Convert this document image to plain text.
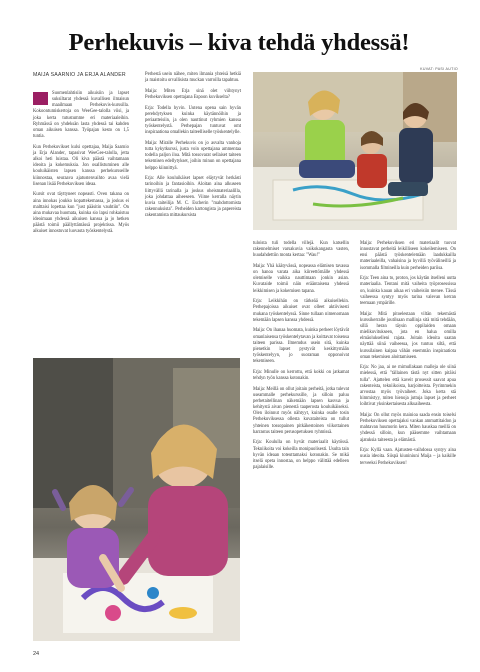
Perhekuvis – kiva tehdä yhdessä!
KUVAT: PASI AUTIO
MAIJA SAARNIO JA ERJA ALANDER

Suomenlahtisiin aikuisiin ja lapset suksiltarat yhdessä kuvallisen ilmaisun maailmaan Perhekuvis-kurssilla. Kokoontumiskertoja on WeeGee-talolla viisi, ja joka kerta tutustumme eri materiaaleihin. Ryhmässä on yhdeksän lasta yhdessä tai kahden oman aikuisen kanssa. Työpajan kesto on 1,5 tuntia.

Kun Perhekuvikset kulsi opettajaa, Maija Saarnio ja Erja Alander, tapasivat WeeGee-talolla, jetta alkoi heti luistaa. Oli kiva päästä vaihtamaan ideoita ja kokemuksia. Jon osallistuminen alle kouluikäisten lapsen kanssa perhekursseille kiinnostaa, seuraava ajatustenvaihto avaa vielä lisenan lisää Perhekuviksen ideaa.

Kursit ovat täyttyneet nopeasti. Oven takana on aina innokas joukko kopattekemassa, ja joskus ei malttaisi lopettaa kun "just pääsitin vauhtiin". On aina mukavaa huomata, kuinka sio lapsi rohkaistuu ideoimaan yhdessä aikuisen kanssa ja jo hetken päästä toimii päällyttämässä projektissa. Myös aikuiset innostuvat luovasta työskentelystä.

Perhestä usein nähee, miten ilmania yhteisä hetkiä ja maistoitu orvallisista muckan varroilla tapahtuu.

Maija: Miten Erja sinä olet viihtynyt Perhekuviksen opettajana Espoon kuvikselta?

Erja: Todella hyvin. Uutena opena sain hyvän perehdytyksen kuinka käytännöihin ja periaatteisiin, ja olen nauttinut ryhmien kanssa työskentelystä. Perhepajan tuntuvat omt inspiraationa omallekin taiteelliselle työskentelylle.

Maija: Miralle Perhekuvis on jo asvalta vanhoja tutta kykytkurssi, justa voin opettajana ammentaa todella paljon iloa. Mitä tossovarat sellaiset taiteen tekemisen edellytykset, joihin minun on opettajana helppo kiinnittyä.

Erja: Alle kouluikäiset lapset eläytyvät herkästi tarinoihin ja fantasioihin. Aloitan aina alkuseen liittyvällä tarinalla ja joskus oheismateriaalilla, joka johdattaa aiheeseen. Viime kerralla näytin kuvia taiteilija M. C. Escherin "mahdottomista rakennuksista". Perheiden kartongista ja papereista rakentamista mittaukursista

tuloista tuli todella villejä. Kun katsellin rakennelmiset varsakuvia vaikokangasta vasten, huudahdettiin monta kertaa: "Wau!"

Maija: Yhä käätyvässä, nopeassa elämisen tavassa on hanoa varata aika kiireettömälle yhdessä olemiselle vaikka nauttimaan jonkin asian. Kuvataide toimii näin erääntaisena yhdessä leikkimisen ja kokemisen tapana.

Erja: Leikkihän on tärkeää aikuisellekin. Perhepajoissa aikuiset ovat olleet aktiivisesti mukana työskentelyssä. Sinne tullaan nimenomaan tekemään lapsen kanssa yhdessä.

Maija: On ihanaa huomata, kuinka perheet löytävät omanlaisensa työskentelytavan ja koittavat toisensa taiteen parissa. Ilmemdus usein sitä, kuinka pienetkin lapset pystyvät keskittymään työskentelyyn, jo suoraman opponoivat tekemiseen.

Erja: Minulle on kerrottu, että kokki on jatkamat tehdyn työn kanssa kotonakin.

Maija: Meillä on ollut joitain perheitä, jotka tulevat useammalle perhekurssille, ja silloin paluu perhetaitellinan näkemään lapsen kasvua ja kehitystä aivan pienestä taaperosta kouluikäiseksi. Olen iloinnut myös nähtyyt, kuinka osalle tosin Perhekuviksessa ollesta kuvataiteista on tullut yhteinen tossopainen pitkäkestoinen viikottainen harrastus taiteen perusopetuksen ryhmissä.

Erja: Koululla on hyvät materiaalit käytössä. Tekniikoita voi kokeilla monipuolisesti. Usulta tain hyvän ideaan toteuttamaksi kotonakin. Se mikä itselä opeta innostaa, on helppo välittää edelleen pajalaisille.

Maija: Perhekuviksen eri materiaalit tuovat innostavat perheitä leikilliseen kokeilemiseen. On ensi päästä työskentelemään laadukkailla materiaaleilla, vahaisina ja hyvillä työvälineillä ja isommalla filmineilla kuin perheiden pariisa.

Erja: Teen aina to, proton, jos käytän itselleni uutta materiaalia. Tentani mitä vaiheita työprosessissa on, kuinka kauan aikaa eri vaiheisiin menee. Tässä vaiheessa syntyy myös tarina valevan kerran teemaan ympärille.

Maija: Mitä pitoelestaan viltän tekemästä kurssikerralle joutilsaan mallinja sitä mitä tehdään, sillä heran täysin oppilaiden omaan mielikuvitukseen, jota en halua omilla elmäolukselleni rajata. Joitain ideoita saatan näyttää siinä vaiheessa, jos tuntuu siltä, että kurssilainen kaipaa vähän enemmän inspiraatiota oman tekemisen aloittamiseen.

Erja: No jaa, ai ne mimullakaan malleja ole siinä mielessä, että "tällainen tästä nyt sitten pitäisi tulla". Ajattelen että kaveit prosessit saavat apua rakenteista, tekniikoista, harjoitteista. Pyrimmekin arvostaa myös työvaiheet. Joka kerta stä himmistyy, miten hienoja juttuja lapset ja perheet loihtivat yksinkertaisesta alkuaiheesta.

Maija: On ollut myös mainioa saada ensin toiselsi Perhekuviksen opettajaksi vankan ammattitaidon ja mahtavan huumorin kera. Miten hauskaa meillä on yhdessä silloin, kun pääsemme vaihtamaan ajatuksia taiteesta ja elämästä.

Erja: Kyllä vaan. Ajatusten-vaihdossa syntyy aina uusia ideoita. Siispä kiuniniuni Maija – ja kaikille terveeksi Perhekuviksen!

24
